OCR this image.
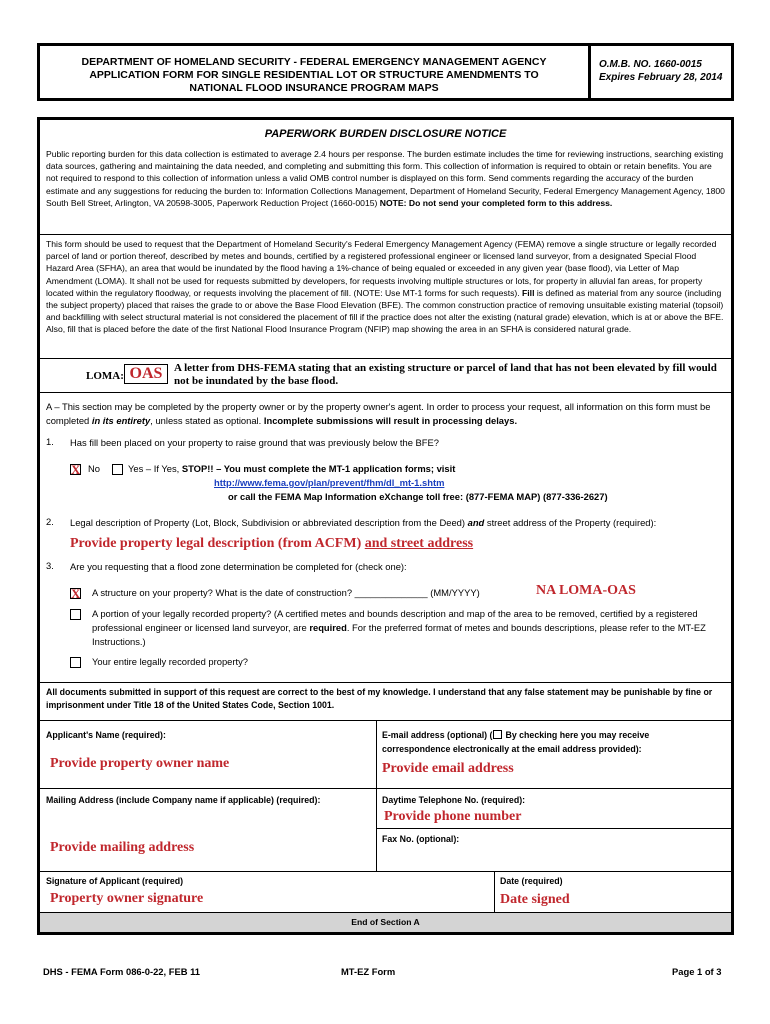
DEPARTMENT OF HOMELAND SECURITY - FEDERAL EMERGENCY MANAGEMENT AGENCY
APPLICATION FORM FOR SINGLE RESIDENTIAL LOT OR STRUCTURE AMENDMENTS TO
NATIONAL FLOOD INSURANCE PROGRAM MAPS
O.M.B. NO. 1660-0015
Expires February 28, 2014
PAPERWORK BURDEN DISCLOSURE NOTICE
Public reporting burden for this data collection is estimated to average 2.4 hours per response. The burden estimate includes the time for reviewing instructions, searching existing data sources, gathering and maintaining the data needed, and completing and submitting this form. This collection of information is required to obtain or retain benefits. You are not required to respond to this collection of information unless a valid OMB control number is displayed on this form. Send comments regarding the accuracy of the burden estimate and any suggestions for reducing the burden to: Information Collections Management, Department of Homeland Security, Federal Emergency Management Agency, 1800 South Bell Street, Arlington, VA 20598-3005, Paperwork Reduction Project (1660-0015) NOTE: Do not send your completed form to this address.
This form should be used to request that the Department of Homeland Security's Federal Emergency Management Agency (FEMA) remove a single structure or legally recorded parcel of land or portion thereof, described by metes and bounds, certified by a registered professional engineer or licensed land surveyor, from a designated Special Flood Hazard Area (SFHA), an area that would be inundated by the flood having a 1%-chance of being equaled or exceeded in any given year (base flood), via Letter of Map Amendment (LOMA). It shall not be used for requests submitted by developers, for requests involving multiple structures or lots, for property in alluvial fan areas, for property located within the regulatory floodway, or requests involving the placement of fill. (NOTE: Use MT-1 forms for such requests). Fill is defined as material from any source (including the subject property) placed that raises the grade to or above the Base Flood Elevation (BFE). The common construction practice of removing unsuitable existing material (topsoil) and backfilling with select structural material is not considered the placement of fill if the practice does not alter the existing (natural grade) elevation, which is at or above the BFE. Also, fill that is placed before the date of the first National Flood Insurance Program (NFIP) map showing the area in an SFHA is considered natural grade.
LOMA: OAS	A letter from DHS-FEMA stating that an existing structure or parcel of land that has not been elevated by fill would not be inundated by the base flood.
A – This section may be completed by the property owner or by the property owner's agent. In order to process your request, all information on this form must be completed in its entirety, unless stated as optional. Incomplete submissions will result in processing delays.
1. Has fill been placed on your property to raise ground that was previously below the BFE?
X No	Yes – If Yes, STOP!! – You must complete the MT-1 application forms; visit
http://www.fema.gov/plan/prevent/fhm/dl_mt-1.shtm
or call the FEMA Map Information eXchange toll free: (877-FEMA MAP) (877-336-2627)
2. Legal description of Property (Lot, Block, Subdivision or abbreviated description from the Deed) and street address of the Property (required):
Provide property legal description (from ACFM) and street address
3. Are you requesting that a flood zone determination be completed for (check one):
X A structure on your property? What is the date of construction? ______________ (MM/YYYY)	NA LOMA-OAS
A portion of your legally recorded property? (A certified metes and bounds description and map of the area to be removed, certified by a registered professional engineer or licensed land surveyor, are required. For the preferred format of metes and bounds descriptions, please refer to the MT-EZ Instructions.)
Your entire legally recorded property?
All documents submitted in support of this request are correct to the best of my knowledge. I understand that any false statement may be punishable by fine or imprisonment under Title 18 of the United States Code, Section 1001.
Applicant's Name (required):
Provide property owner name
E-mail address (optional) ( By checking here you may receive correspondence electronically at the email address provided):
Provide email address
Mailing Address (include Company name if applicable) (required):
Provide mailing address
Daytime Telephone No. (required):
Provide phone number
Fax No. (optional):
Signature of Applicant (required)
Property owner signature
Date (required)
Date signed
End of Section A
DHS - FEMA Form 086-0-22, FEB 11	MT-EZ Form	Page 1 of 3
